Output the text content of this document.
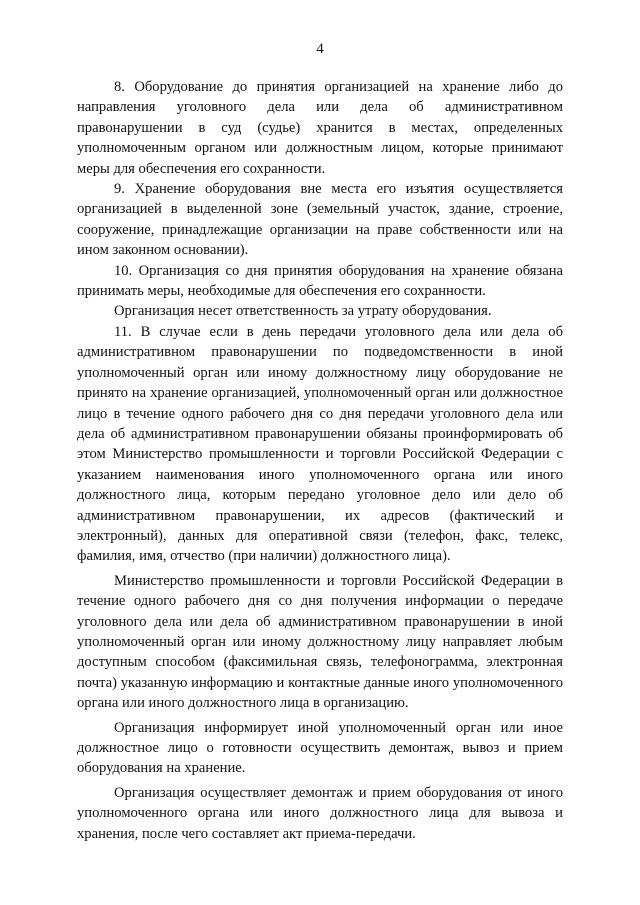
4

8. Оборудование до принятия организацией на хранение либо до направления уголовного дела или дела об административном правонарушении в суд (судье) хранится в местах, определенных уполномоченным органом или должностным лицом, которые принимают меры для обеспечения его сохранности.

9. Хранение оборудования вне места его изъятия осуществляется организацией в выделенной зоне (земельный участок, здание, строение, сооружение, принадлежащие организации на праве собственности или на ином законном основании).

10. Организация со дня принятия оборудования на хранение обязана принимать меры, необходимые для обеспечения его сохранности.

Организация несет ответственность за утрату оборудования.

11. В случае если в день передачи уголовного дела или дела об административном правонарушении по подведомственности в иной уполномоченный орган или иному должностному лицу оборудование не принято на хранение организацией, уполномоченный орган или должностное лицо в течение одного рабочего дня со дня передачи уголовного дела или дела об административном правонарушении обязаны проинформировать об этом Министерство промышленности и торговли Российской Федерации с указанием наименования иного уполномоченного органа или иного должностного лица, которым передано уголовное дело или дело об административном правонарушении, их адресов (фактический и электронный), данных для оперативной связи (телефон, факс, телекс, фамилия, имя, отчество (при наличии) должностного лица).

Министерство промышленности и торговли Российской Федерации в течение одного рабочего дня со дня получения информации о передаче уголовного дела или дела об административном правонарушении в иной уполномоченный орган или иному должностному лицу направляет любым доступным способом (факсимильная связь, телефонограмма, электронная почта) указанную информацию и контактные данные иного уполномоченного органа или иного должностного лица в организацию.

Организация информирует иной уполномоченный орган или иное должностное лицо о готовности осуществить демонтаж, вывоз и прием оборудования на хранение.

Организация осуществляет демонтаж и прием оборудования от иного уполномоченного органа или иного должностного лица для вывоза и хранения, после чего составляет акт приема-передачи.
